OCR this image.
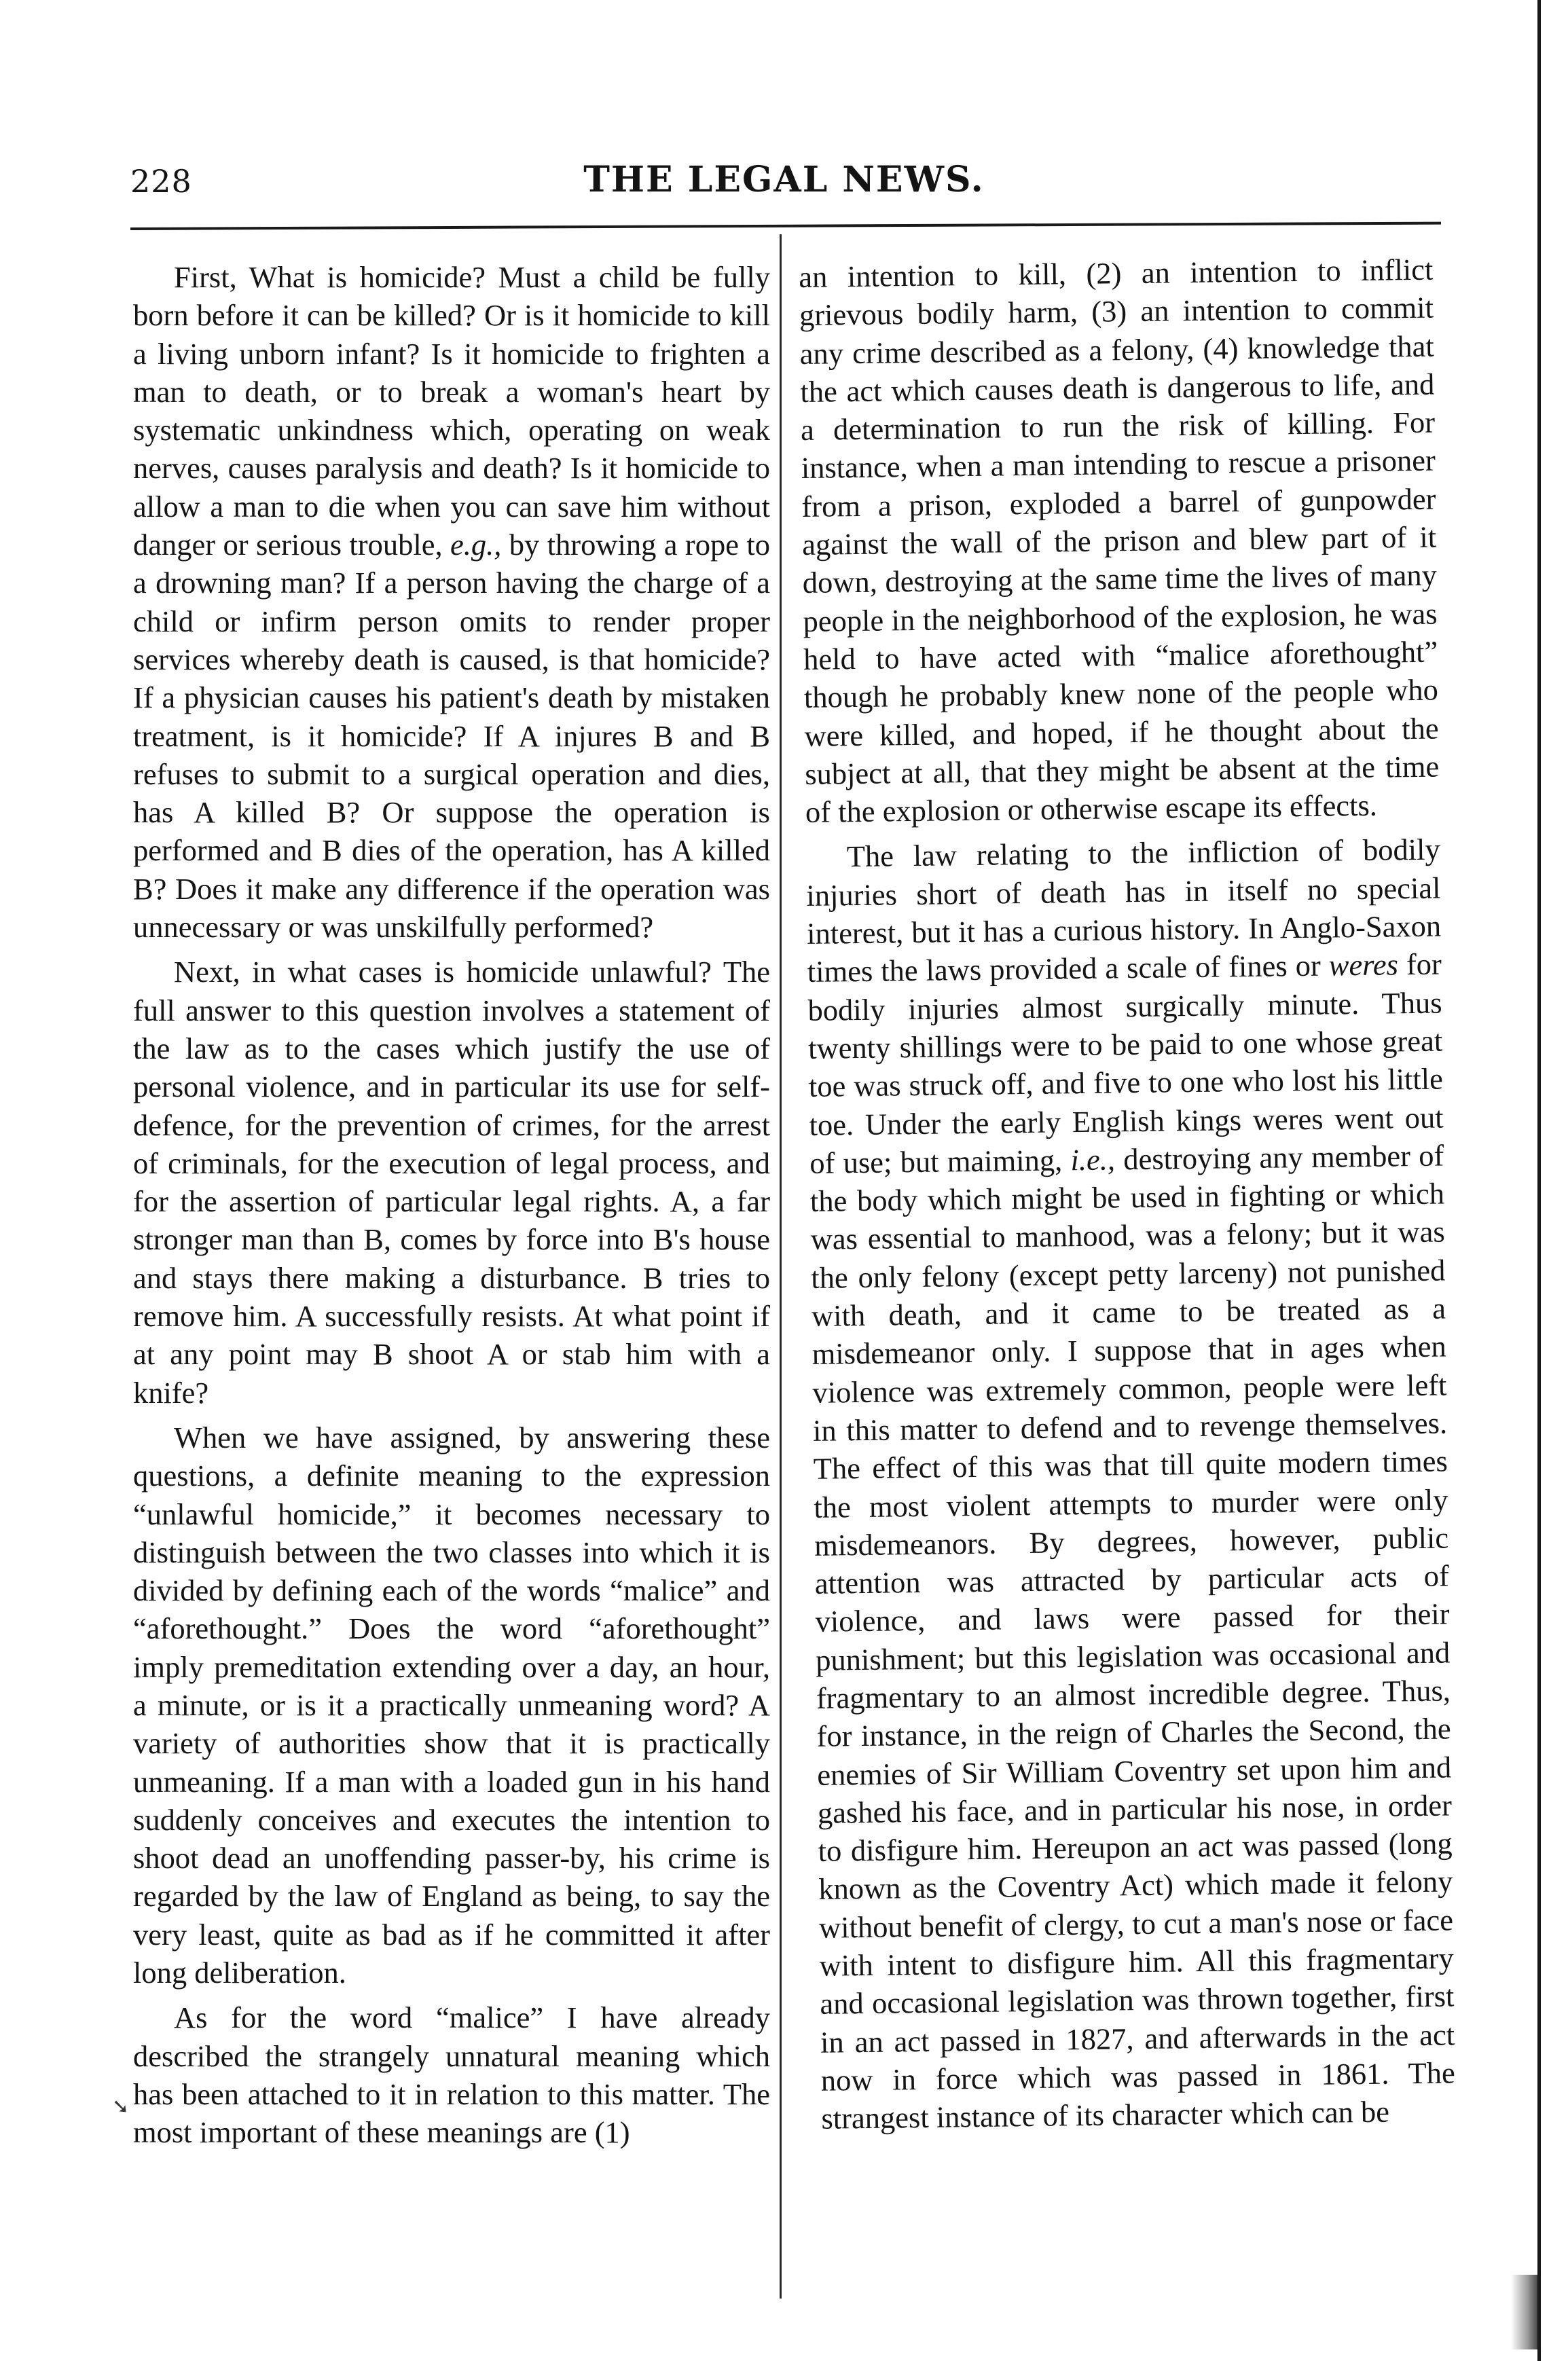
228	THE LEGAL NEWS.

First, What is homicide? Must a child be fully born before it can be killed? Or is it homicide to kill a living unborn infant? Is it homicide to frighten a man to death, or to break a woman's heart by systematic unkindness which, operating on weak nerves, causes paralysis and death? Is it homicide to allow a man to die when you can save him without danger or serious trouble, e.g., by throwing a rope to a drowning man? If a person having the charge of a child or infirm person omits to render proper services whereby death is caused, is that homicide? If a physician causes his patient's death by mistaken treatment, is it homicide? If A injures B and B refuses to submit to a surgical operation and dies, has A killed B? Or suppose the operation is performed and B dies of the operation, has A killed B? Does it make any difference if the operation was unnecessary or was unskilfully performed?

Next, in what cases is homicide unlawful? The full answer to this question involves a statement of the law as to the cases which justify the use of personal violence, and in particular its use for self-defence, for the prevention of crimes, for the arrest of criminals, for the execution of legal process, and for the assertion of particular legal rights. A, a far stronger man than B, comes by force into B's house and stays there making a disturbance. B tries to remove him. A successfully resists. At what point if at any point may B shoot A or stab him with a knife?

When we have assigned, by answering these questions, a definite meaning to the expression “unlawful homicide,” it becomes necessary to distinguish between the two classes into which it is divided by defining each of the words “malice” and “aforethought.” Does the word “aforethought” imply premeditation extending over a day, an hour, a minute, or is it a practically unmeaning word? A variety of authorities show that it is practically unmeaning. If a man with a loaded gun in his hand suddenly conceives and executes the intention to shoot dead an unoffending passer-by, his crime is regarded by the law of England as being, to say the very least, quite as bad as if he committed it after long deliberation.

As for the word “malice” I have already described the strangely unnatural meaning which has been attached to it in relation to this matter. The most important of these meanings are (1)

an intention to kill, (2) an intention to inflict grievous bodily harm, (3) an intention to commit any crime described as a felony, (4) knowledge that the act which causes death is dangerous to life, and a determination to run the risk of killing. For instance, when a man intending to rescue a prisoner from a prison, exploded a barrel of gunpowder against the wall of the prison and blew part of it down, destroying at the same time the lives of many people in the neighborhood of the explosion, he was held to have acted with “malice aforethought” though he probably knew none of the people who were killed, and hoped, if he thought about the subject at all, that they might be absent at the time of the explosion or otherwise escape its effects.

The law relating to the infliction of bodily injuries short of death has in itself no special interest, but it has a curious history. In Anglo-Saxon times the laws provided a scale of fines or weres for bodily injuries almost surgically minute. Thus twenty shillings were to be paid to one whose great toe was struck off, and five to one who lost his little toe. Under the early English kings weres went out of use; but maiming, i.e., destroying any member of the body which might be used in fighting or which was essential to manhood, was a felony; but it was the only felony (except petty larceny) not punished with death, and it came to be treated as a misdemeanor only. I suppose that in ages when violence was extremely common, people were left in this matter to defend and to revenge themselves. The effect of this was that till quite modern times the most violent attempts to murder were only misdemeanors. By degrees, however, public attention was attracted by particular acts of violence, and laws were passed for their punishment; but this legislation was occasional and fragmentary to an almost incredible degree. Thus, for instance, in the reign of Charles the Second, the enemies of Sir William Coventry set upon him and gashed his face, and in particular his nose, in order to disfigure him. Hereupon an act was passed (long known as the Coventry Act) which made it felony without benefit of clergy, to cut a man's nose or face with intent to disfigure him. All this fragmentary and occasional legislation was thrown together, first in an act passed in 1827, and afterwards in the act now in force which was passed in 1861. The strangest instance of its character which can be

➘
